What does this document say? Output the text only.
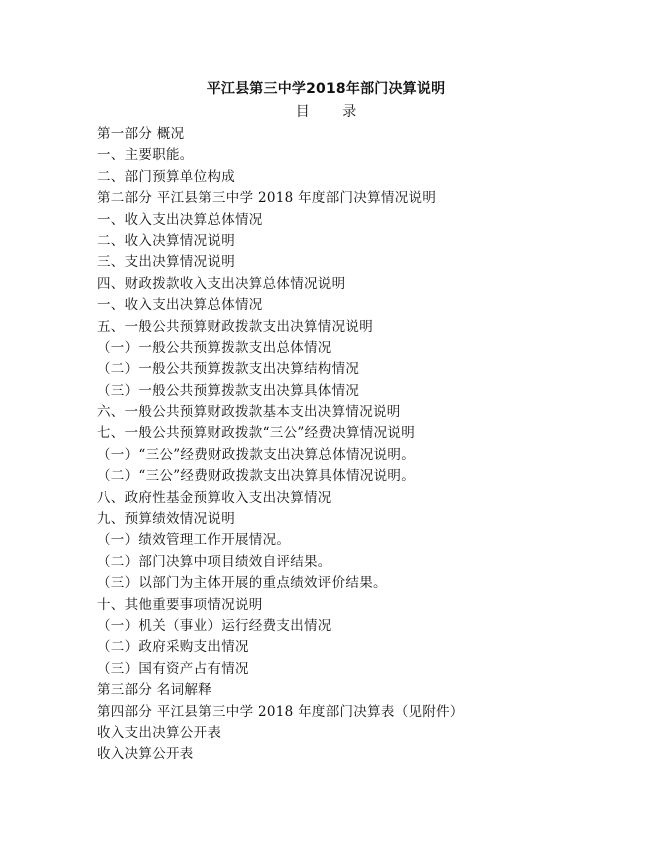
平江县第三中学2018年部门决算说明
目 录
第一部分 概况
一、主要职能。
二、部门预算单位构成
第二部分 平江县第三中学 2018 年度部门决算情况说明
一、收入支出决算总体情况
二、收入决算情况说明
三、支出决算情况说明
四、财政拨款收入支出决算总体情况说明
一、收入支出决算总体情况
五、一般公共预算财政拨款支出决算情况说明
（一）一般公共预算拨款支出总体情况
（二）一般公共预算拨款支出决算结构情况
（三）一般公共预算拨款支出决算具体情况
六、一般公共预算财政拨款基本支出决算情况说明
七、一般公共预算财政拨款“三公”经费决算情况说明
（一）“三公”经费财政拨款支出决算总体情况说明。
（二）“三公”经费财政拨款支出决算具体情况说明。
八、政府性基金预算收入支出决算情况
九、预算绩效情况说明
（一）绩效管理工作开展情况。
（二）部门决算中项目绩效自评结果。
（三）以部门为主体开展的重点绩效评价结果。
十、其他重要事项情况说明
（一）机关（事业）运行经费支出情况
（二）政府采购支出情况
（三）国有资产占有情况
第三部分 名词解释
第四部分 平江县第三中学 2018 年度部门决算表（见附件）
收入支出决算公开表
收入决算公开表
